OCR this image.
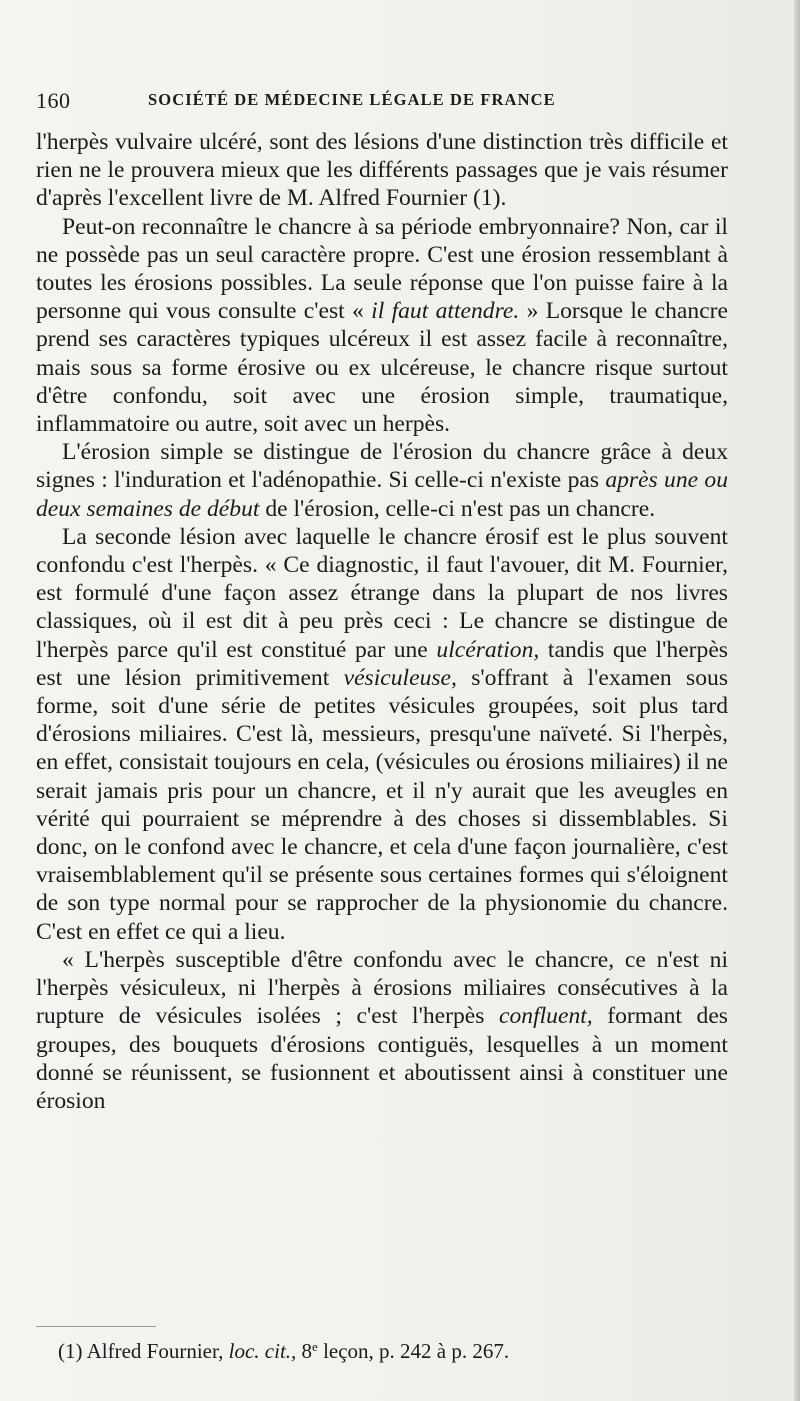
160	SOCIÉTÉ DE MÉDECINE LÉGALE DE FRANCE

l'herpès vulvaire ulcéré, sont des lésions d'une distinction très difficile et rien ne le prouvera mieux que les différents passages que je vais résumer d'après l'excellent livre de M. Alfred Fournier (1).

Peut-on reconnaître le chancre à sa période embryonnaire? Non, car il ne possède pas un seul caractère propre. C'est une érosion ressemblant à toutes les érosions possibles. La seule réponse que l'on puisse faire à la personne qui vous consulte c'est « il faut attendre. » Lorsque le chancre prend ses caractères typiques ulcéreux il est assez facile à reconnaître, mais sous sa forme érosive ou ex ulcéreuse, le chancre risque surtout d'être confondu, soit avec une érosion simple, traumatique, inflammatoire ou autre, soit avec un herpès.

L'érosion simple se distingue de l'érosion du chancre grâce à deux signes : l'induration et l'adénopathie. Si celle-ci n'existe pas après une ou deux semaines de début de l'érosion, celle-ci n'est pas un chancre.

La seconde lésion avec laquelle le chancre érosif est le plus souvent confondu c'est l'herpès. « Ce diagnostic, il faut l'avouer, dit M. Fournier, est formulé d'une façon assez étrange dans la plupart de nos livres classiques, où il est dit à peu près ceci : Le chancre se distingue de l'herpès parce qu'il est constitué par une ulcération, tandis que l'herpès est une lésion primitivement vésiculeuse, s'offrant à l'examen sous forme, soit d'une série de petites vésicules groupées, soit plus tard d'érosions miliaires. C'est là, messieurs, presqu'une naïveté. Si l'herpès, en effet, consistait toujours en cela, (vésicules ou érosions miliaires) il ne serait jamais pris pour un chancre, et il n'y aurait que les aveugles en vérité qui pourraient se méprendre à des choses si dissemblables. Si donc, on le confond avec le chancre, et cela d'une façon journalière, c'est vraisemblablement qu'il se présente sous certaines formes qui s'éloignent de son type normal pour se rapprocher de la physionomie du chancre. C'est en effet ce qui a lieu.

« L'herpès susceptible d'être confondu avec le chancre, ce n'est ni l'herpès vésiculeux, ni l'herpès à érosions miliaires consécutives à la rupture de vésicules isolées ; c'est l'herpès confluent, formant des groupes, des bouquets d'érosions contiguës, lesquelles à un moment donné se réunissent, se fusionnent et aboutissent ainsi à constituer une érosion

(1) Alfred Fournier, loc. cit., 8e leçon, p. 242 à p. 267.
